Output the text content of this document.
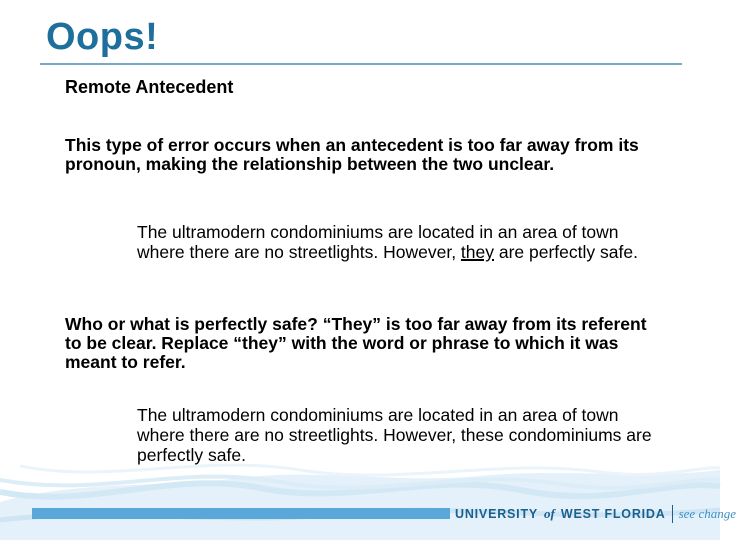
Oops!
Remote Antecedent
This type of error occurs when an antecedent is too far away from its pronoun, making the relationship between the two unclear.
The ultramodern condominiums are located in an area of town where there are no streetlights. However, they are perfectly safe.
Who or what is perfectly safe? “They” is too far away from its referent to be clear. Replace “they” with the word or phrase to which it was meant to refer.
The ultramodern condominiums are located in an area of town where there are no streetlights. However, these condominiums are perfectly safe.
UNIVERSITY of WEST FLORIDA see change
